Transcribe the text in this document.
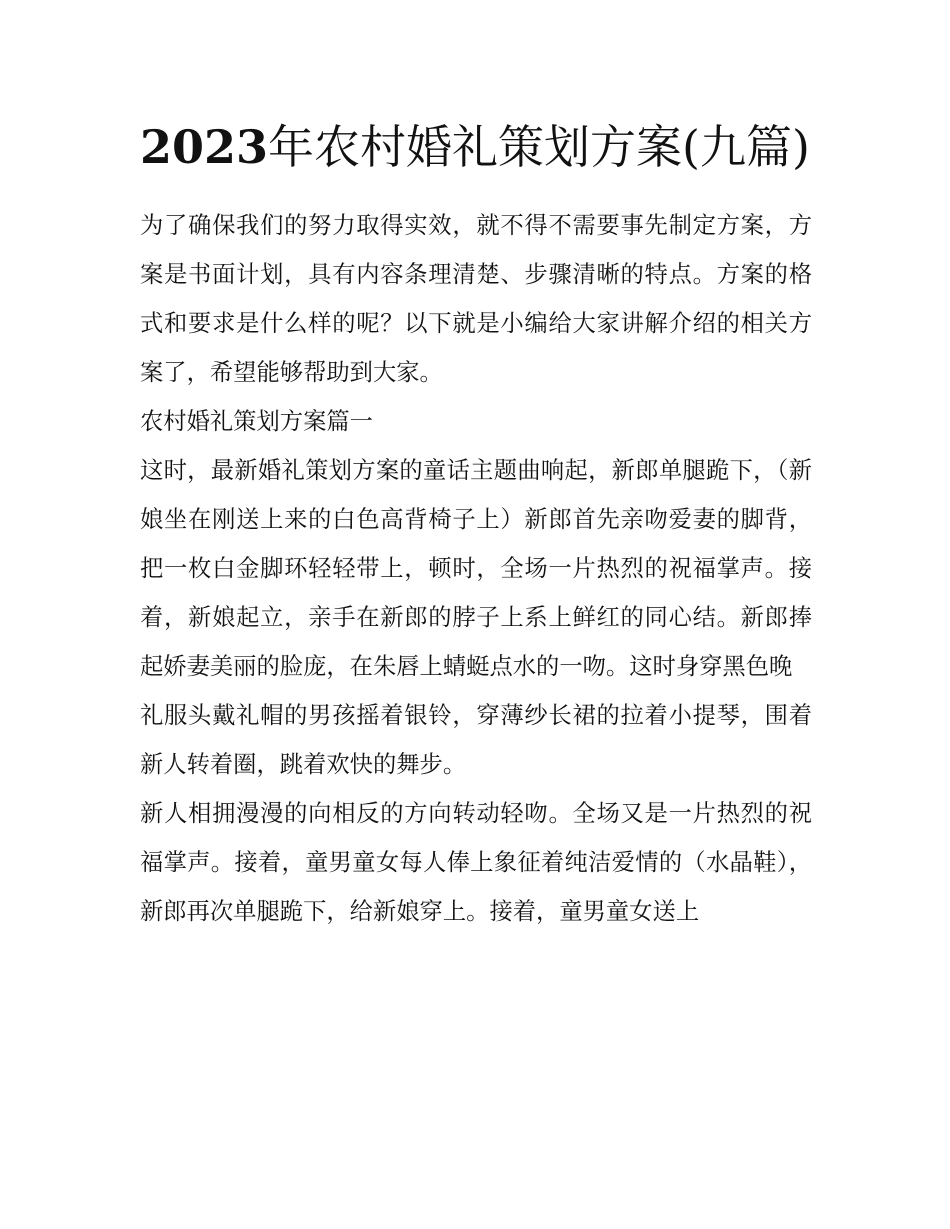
2023年农村婚礼策划方案(九篇)

为了确保我们的努力取得实效，就不得不需要事先制定方案，方案是书面计划，具有内容条理清楚、步骤清晰的特点。方案的格式和要求是什么样的呢？以下就是小编给大家讲解介绍的相关方案了，希望能够帮助到大家。

农村婚礼策划方案篇一

这时，最新婚礼策划方案的童话主题曲响起，新郎单腿跪下，（新娘坐在刚送上来的白色高背椅子上）新郎首先亲吻爱妻的脚背，把一枚白金脚环轻轻带上，顿时，全场一片热烈的祝福掌声。接着，新娘起立，亲手在新郎的脖子上系上鲜红的同心结。新郎捧起娇妻美丽的脸庞，在朱唇上蜻蜓点水的一吻。这时身穿黑色晚

礼服头戴礼帽的男孩摇着银铃，穿薄纱长裙的拉着小提琴，围着新人转着圈，跳着欢快的舞步。

新人相拥漫漫的向相反的方向转动轻吻。全场又是一片热烈的祝福掌声。接着，童男童女每人俸上象征着纯洁爱情的（水晶鞋），新郎再次单腿跪下，给新娘穿上。接着，童男童女送上
